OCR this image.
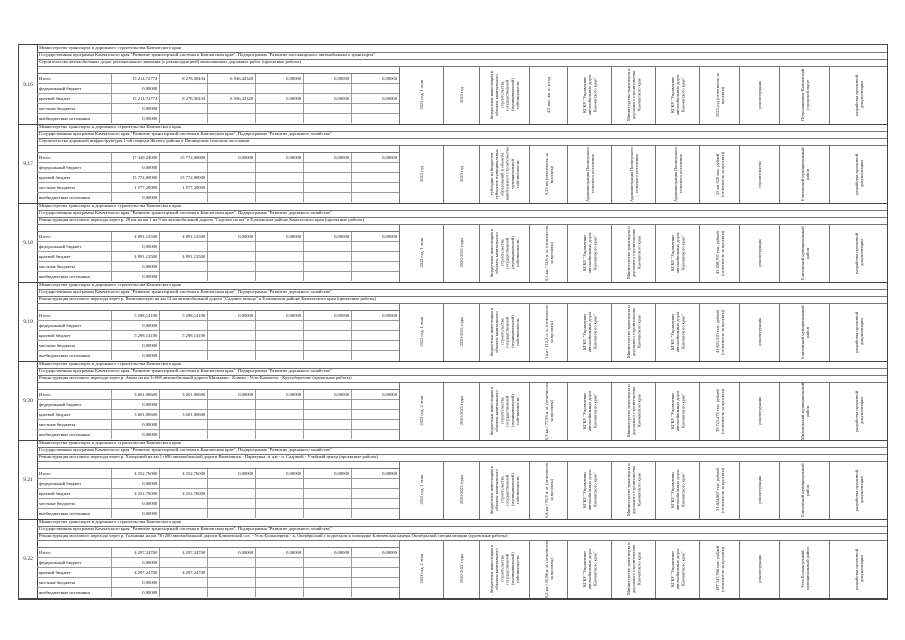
9.16
Министерство транспорта и дорожного строительства Камчатского края
Государственная программа Камчатского края "Развитие транспортной системы в Камчатском крае". Подпрограмма "Развитие пассажирского автомобильного транспорта"
Строительство автомобильных дорог регионального значения (с реконструкцией) выполненных дорожных работ (проектные работы)
Итого	15 214,72774	8 278,30434	6 936,42320	0,00000	0,00000	0,00000
федеральный бюджет	0,00000
краевой бюджет	15 214,72774	8 278,30434	6 936,42320	0,00000	0,00000	0,00000
местные бюджеты	0,00000
внебюджетные источники	0,00000
2022 год, 1 этап	2023 год	бюджетные инвестиции в объекты капитального строительства государственной (муниципальной) собственности	4,0 тыс. кв. м. в год	КГКУ "Управление автомобильных дорог Камчатского края"	Министерство транспорта и дорожного строительства Камчатского края	КГКУ "Управление автомобильных дорог Камчатского края"	2023 год (отчетность за проекты)	реконструкция	Петропавловск-Камчатский городской округ	разработка проектной документации
9.17
Министерство транспорта и дорожного строительства Камчатского края
Государственная программа Камчатского края "Развитие транспортной системы в Камчатском крае". Подпрограмма "Развитие дорожного хозяйства"
Строительство дорожной инфраструктуры 1-ой очереди Жилого района в Пионерском сельском поселении
Итого	17 349,24000	15 772,00000	0,00000	0,00000	0,00000	0,00000
федеральный бюджет	0,00000
краевой бюджет	15 772,00000	15 772,00000
местные бюджеты	1 577,20000	1 577,20000
внебюджетные источники	0,00000
2022 год	2023 год	субсидии из бюджетов субъектов муниципальных образований в объекты капитального строительства муниципальной собственности	0,25 км (отчетность за проекты)	Администрация Пионерского сельского поселения	Администрация Пионерского сельского поселения	Администрация Пионерского сельского поселения	25 км 929 тыс. рублей (отчетность за проекты)	строительство	Елизовский муниципальный район	разработка проектной документации
9.18
Министерство транспорта и дорожного строительства Камчатского края
Государственная программа Камчатского края "Развитие транспортной системы в Камчатском крае". Подпрограмма "Развитие дорожного хозяйства"
Реконструкция мостового перехода через р. 28 км на км 1 на 9 км автомобильной дороги "Садовое на км" в Елизовском районе Камчатского края (проектные работы)
Итого	4 891,12500	4 891,12500	0,00000	0,00000	0,00000	0,00000
федеральный бюджет	0,00000
краевой бюджет	4 891,12500	4 891,12500
местные бюджеты	0,00000
внебюджетные источники	0,00000
2022 год, 1 этап	2020-2021 годы	бюджетные инвестиции в объекты капитального строительства государственной (муниципальной) собственности	0,5 км / 12,6 п. м. (отчетность за проекты)	КГКУ "Управление автомобильных дорог Камчатского края"	Министерство транспорта и дорожного строительства Камчатского края	КГКУ "Управление автомобильных дорог Камчатского края"	43 298,767 тыс. рублей (отчетность за проекты)	реконструкция	Елизовский муниципальный район	разработка проектной документации
9.19
Министерство транспорта и дорожного строительства Камчатского края
Государственная программа Камчатского края "Развитие транспортной системы в Камчатском крае". Подпрограмма "Развитие дорожного хозяйства"
Реконструкция мостового перехода через р. Вилючинскую на км 12 на автомобильной дороге "Садовое кольцо" в Елизовском районе Камчатского края (проектные работы)
Итого	5 298,14100	5 298,14100	0,00000	0,00000	0,00000	0,00000
федеральный бюджет	0,00000
краевой бюджет	5 298,14100	5 298,14100
местные бюджеты	0,00000
внебюджетные источники	0,00000
2022 год, 1 этап	2020-2021 годы	бюджетные инвестиции в объекты капитального строительства государственной (муниципальной) собственности	1 км / 112,2 п. м. (отчетность за проекты)	КГКУ "Управление автомобильных дорог Камчатского края"	Министерство транспорта и дорожного строительства Камчатского края	КГКУ "Управление автомобильных дорог Камчатского края"	41 631,550 тыс. рублей (отчетность за проекты)	реконструкция	Елизовский муниципальный район	разработка проектной документации
9.20
Министерство транспорта и дорожного строительства Камчатского края
Государственная программа Камчатского края "Развитие транспортной системы в Камчатском крае". Подпрограмма "Развитие дорожного хозяйства"
Реконструкция мостового перехода через р. Авача на км 3+869 автомобильной дороги Мильково - Ключи - Усть-Камчатск - Крутоберегово (проектные работы)
Итого	3 601,90600	3 601,90600	0,00000	0,00000	0,00000	0,00000
федеральный бюджет	0,00000
краевой бюджет	3 601,90600	3 601,90600
местные бюджеты	0,00000
внебюджетные источники	0,00000
2023 год, 2 этап	2020-2021 годы	бюджетные инвестиции в объекты капитального строительства государственной (муниципальной) собственности	0,3 км / 77,85 п. м. (отчетность за проекты)	КГКУ "Управление автомобильных дорог Камчатского края"	Министерство транспорта и дорожного строительства Камчатского края	КГКУ "Управление автомобильных дорог Камчатского края"	39 725,475 тыс. рублей (отчетность за проекты)	реконструкция	Мильковский муниципальный район	разработка проектной документации
9.21
Министерство транспорта и дорожного строительства Камчатского края
Государственная программа Камчатского края "Развитие транспортной системы в Камчатском крае". Подпрограмма "Развитие дорожного хозяйства"
Реконструкция мостового перехода через р. Хахоровой на км 1+696 автомобильной дороги Вилючинск - Паратунка, п. км - п. Садовый - Учебный центр (проектные работы)
Итого	4 252,76000	4 252,76000	0,00000	0,00000	0,00000	0,00000
федеральный бюджет	0,00000
краевой бюджет	4 252,76000	4 252,76000
местные бюджеты	0,00000
внебюджетные источники	0,00000
2022 год, 1 этап	2020-2021 годы	бюджетные инвестиции в объекты капитального строительства государственной (муниципальной) собственности	0,6 км / 70,9 п. м. (отчетность за проекты)	КГКУ "Управление автомобильных дорог Камчатского края"	Министерство транспорта и дорожного строительства Камчатского края	КГКУ "Управление автомобильных дорог Камчатского края"	31 604,967 тыс. рублей (отчетность за проекты)	реконструкция	Елизовский муниципальный район	разработка проектной документации
9.22
Министерство транспорта и дорожного строительства Камчатского края
Государственная программа Камчатского края "Развитие транспортной системы в Камчатском крае". Подпрограмма "Развитие дорожного хозяйства"
Реконструкция мостового перехода через р. Гальмина на км 76+200 автомобильной дороги Ключевской соз. - Усть-Большерецк - к. Октябрьский с подъездом к площадке Ключевская камера Октябрьской специализации (проектные работы)
Итого	4 297,24700	4 297,24700	0,00000	0,00000	0,00000	0,00000
федеральный бюджет	0,00000
краевой бюджет	4 297,24700	4 297,24700
местные бюджеты	0,00000
внебюджетные источники	0,00000
2023 год, 2 этап	2020-2021 годы	бюджетные инвестиции в объекты капитального строительства государственной (муниципальной) собственности	0,2 км / 50,86 п. м. (отчетность за проекты)	КГКУ "Управление автомобильных дорог Камчатского края"	Министерство транспорта и дорожного строительства Камчатского края	КГКУ "Управление автомобильных дорог Камчатского края"	187 347,766 тыс. рублей (отчетность за проекты)	реконструкция	Усть-Большерецкий муниципальный район	разработка проектной документации
